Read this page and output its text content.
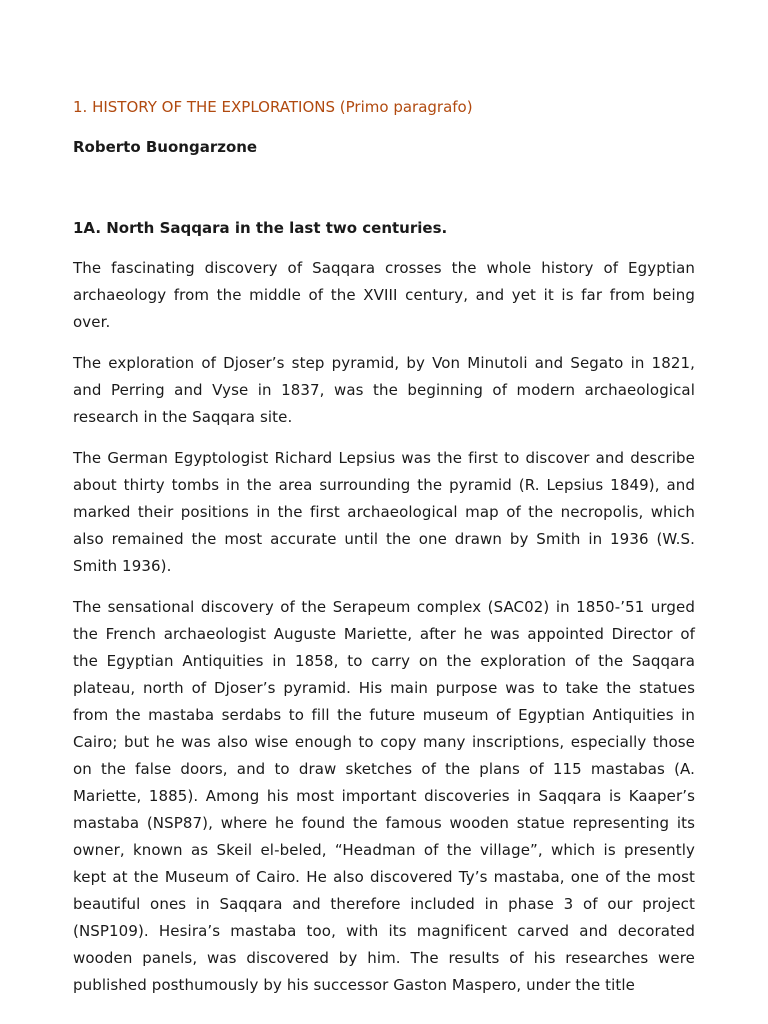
1. HISTORY OF THE EXPLORATIONS (Primo paragrafo)

Roberto Buongarzone

1A. North Saqqara in the last two centuries.

The fascinating discovery of Saqqara crosses the whole history of Egyptian archaeology from the middle of the XVIII century, and yet it is far from being over.

The exploration of Djoser’s step pyramid, by Von Minutoli and Segato in 1821, and Perring and Vyse in 1837, was the beginning of modern archaeological research in the Saqqara site.

The German Egyptologist Richard Lepsius was the first to discover and describe about thirty tombs in the area surrounding the pyramid (R. Lepsius 1849), and marked their positions in the first archaeological map of the necropolis, which also remained the most accurate until the one drawn by Smith in 1936 (W.S. Smith 1936).

The sensational discovery of the Serapeum complex (SAC02) in 1850-’51 urged the French archaeologist Auguste Mariette, after he was appointed Director of the Egyptian Antiquities in 1858, to carry on the exploration of the Saqqara plateau, north of Djoser’s pyramid. His main purpose was to take the statues from the mastaba serdabs to fill the future museum of Egyptian Antiquities in Cairo; but he was also wise enough to copy many inscriptions, especially those on the false doors, and to draw sketches of the plans of 115 mastabas (A. Mariette, 1885). Among his most important discoveries in Saqqara is Kaaper’s mastaba (NSP87), where he found the famous wooden statue representing its owner, known as Skeil el-beled, “Headman of the village”, which is presently kept at the Museum of Cairo. He also discovered Ty’s mastaba, one of the most beautiful ones in Saqqara and therefore included in phase 3 of our project (NSP109). Hesira’s mastaba too, with its magnificent carved and decorated wooden panels, was discovered by him. The results of his researches were published posthumously by his successor Gaston Maspero, under the title
